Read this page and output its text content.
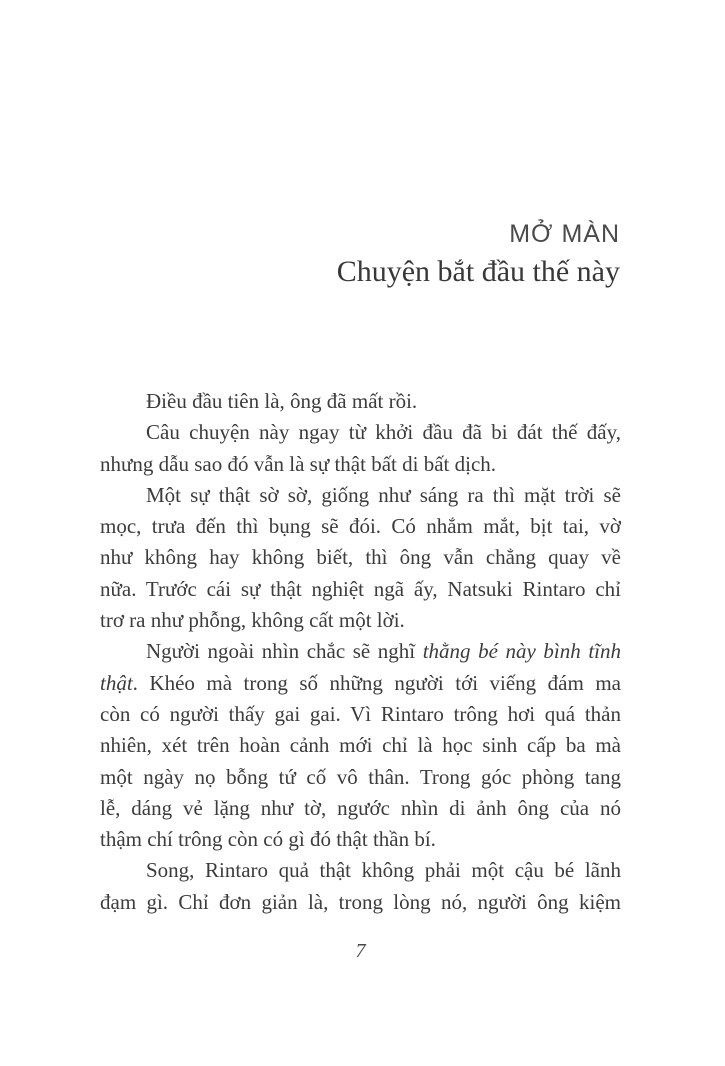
MỞ MÀN
Chuyện bắt đầu thế này

Điều đầu tiên là, ông đã mất rồi.

Câu chuyện này ngay từ khởi đầu đã bi đát thế đấy,
nhưng dẫu sao đó vẫn là sự thật bất di bất dịch.

Một sự thật sờ sờ, giống như sáng ra thì mặt trời sẽ
mọc, trưa đến thì bụng sẽ đói. Có nhắm mắt, bịt tai, vờ
như không hay không biết, thì ông vẫn chẳng quay về
nữa. Trước cái sự thật nghiệt ngã ấy, Natsuki Rintaro chỉ
trơ ra như phỗng, không cất một lời.

Người ngoài nhìn chắc sẽ nghĩ thằng bé này bình tĩnh
thật. Khéo mà trong số những người tới viếng đám ma
còn có người thấy gai gai. Vì Rintaro trông hơi quá thản
nhiên, xét trên hoàn cảnh mới chỉ là học sinh cấp ba mà
một ngày nọ bỗng tứ cố vô thân. Trong góc phòng tang
lễ, dáng vẻ lặng như tờ, ngước nhìn di ảnh ông của nó
thậm chí trông còn có gì đó thật thần bí.

Song, Rintaro quả thật không phải một cậu bé lãnh
đạm gì. Chỉ đơn giản là, trong lòng nó, người ông kiệm

7
